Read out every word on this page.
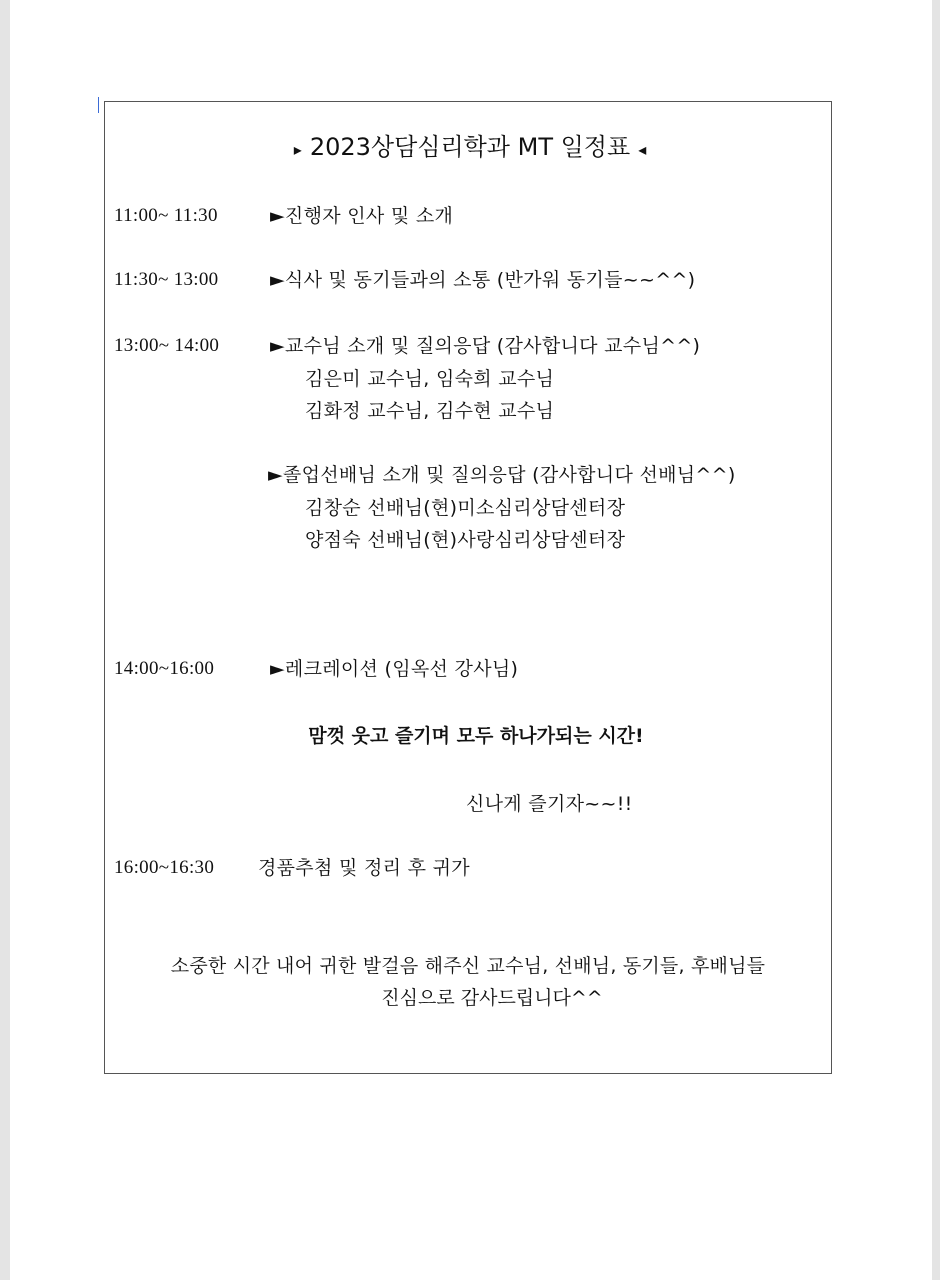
▸ 2023상담심리학과 MT 일정표 ◂
11:00~ 11:30	►진행자 인사 및 소개
11:30~ 13:00	►식사 및 동기들과의 소통 (반가워 동기들~~^^)
13:00~ 14:00	►교수님 소개 및 질의응답 (감사합니다 교수님^^)
김은미 교수님, 임숙희 교수님
김화정 교수님, 김수현 교수님
►졸업선배님 소개 및 질의응답 (감사합니다 선배님^^)
김창순 선배님(현)미소심리상담센터장
양점숙 선배님(현)사랑심리상담센터장
14:00~16:00	►레크레이션 (임옥선 강사님)
맘껏 웃고 즐기며 모두 하나가되는 시간!
신나게 즐기자~~!!
16:00~16:30 경품추첨 및 정리 후 귀가
소중한 시간 내어 귀한 발걸음 해주신 교수님, 선배님, 동기들, 후배님들
진심으로 감사드립니다^^
